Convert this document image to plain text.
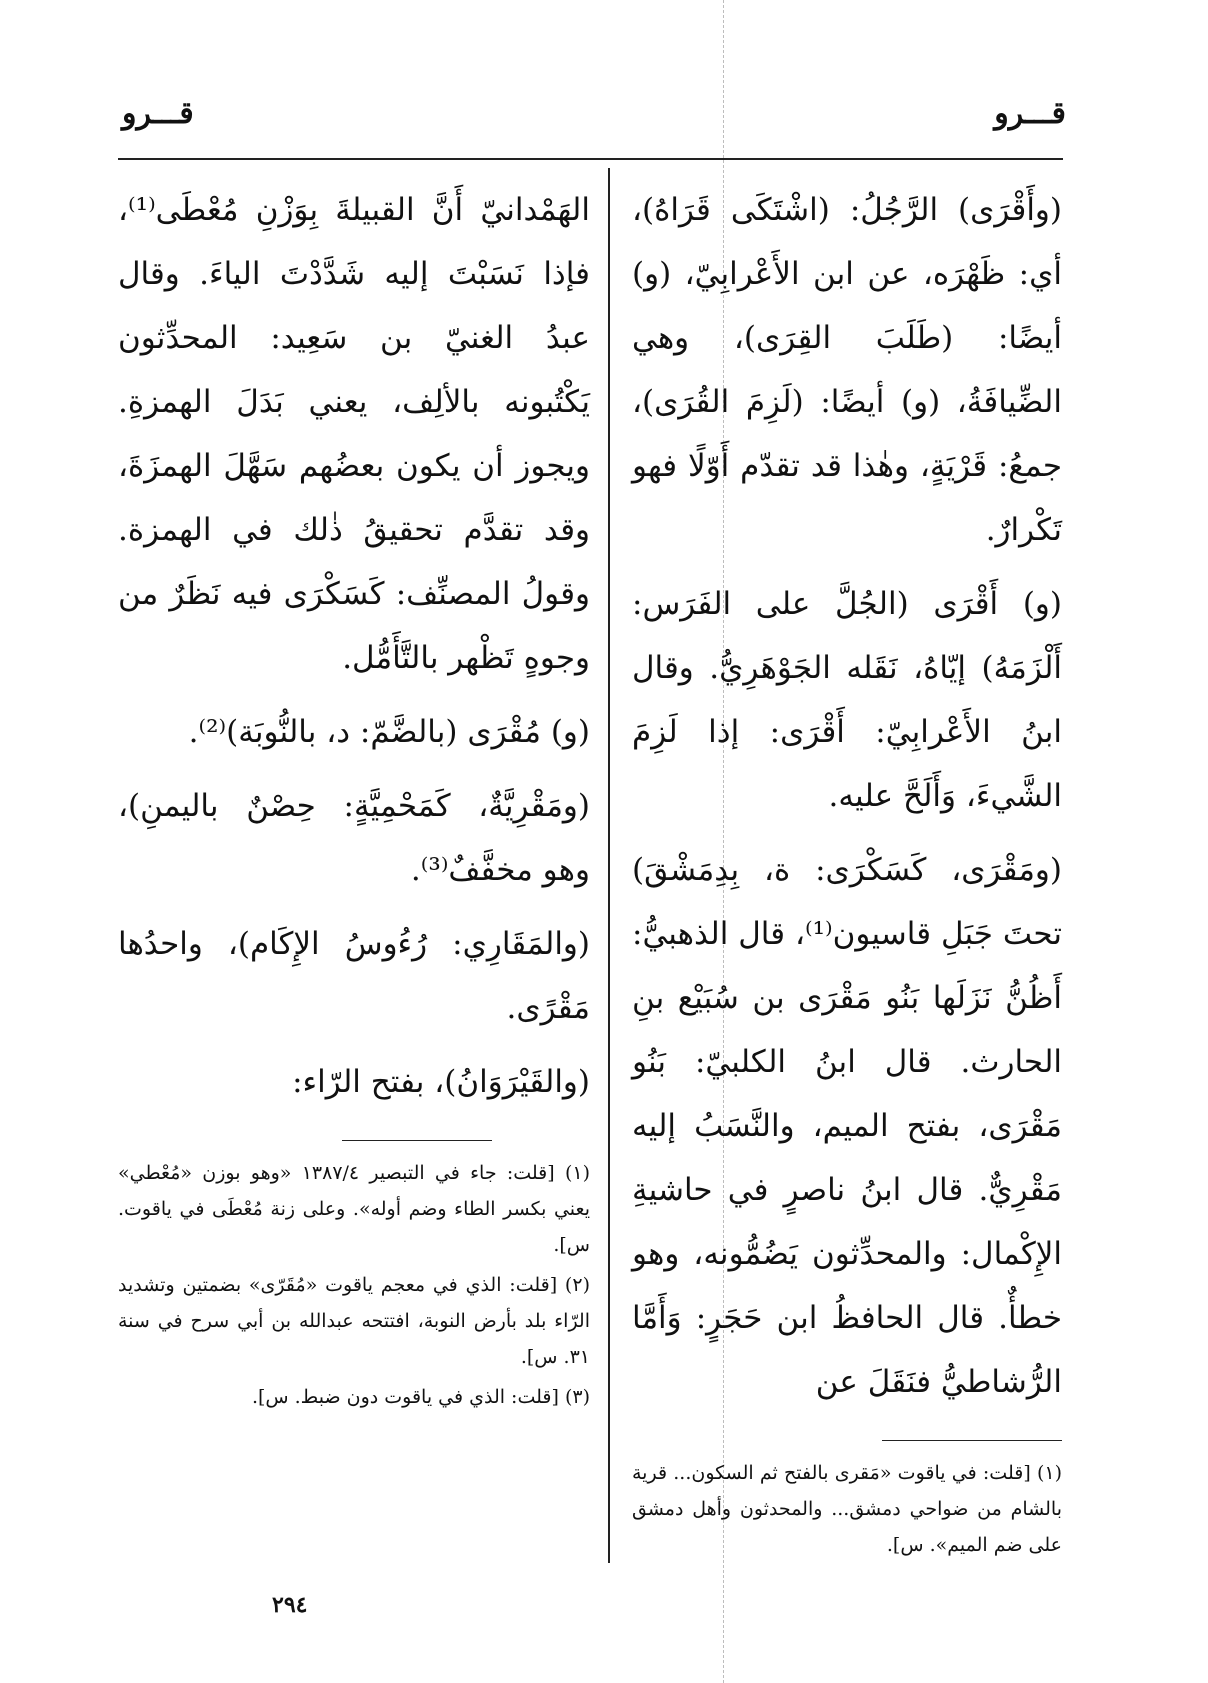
قـــرو
قـــرو

(وأَقْرَى) الرَّجُلُ: (اشْتَكَى قَرَاهُ)، أي: ظَهْرَه، عن ابن الأَعْرابِيّ، (و) أيضًا: (طَلَبَ القِرَى)، وهي الضِّيافَةُ، (و) أيضًا: (لَزِمَ القُرَى)، جمعُ: قَرْيَةٍ، وهٰذا قد تقدّم أَوّلًا فهو تَكْرارٌ.

(و) أَقْرَى (الجُلَّ على الفَرَس: أَلْزَمَهُ) إيّاهُ، نَقَله الجَوْهَرِيُّ. وقال ابنُ الأَعْرابِيّ: أَقْرَى: إذا لَزِمَ الشَّيءَ، وَأَلَحَّ عليه.

(ومَقْرَى، كَسَكْرَى: ة، بِدِمَشْقَ) تحتَ جَبَلِ قاسيون⁽¹⁾، قال الذهبيُّ: أَظُنُّ نَزَلَها بَنُو مَقْرَى بن سُبَيْع بنِ الحارث. قال ابنُ الكلبيّ: بَنُو مَقْرَى، بفتح الميم، والنَّسَبُ إليه مَقْرِيٌّ. قال ابنُ ناصرٍ في حاشيةِ الإِكْمال: والمحدِّثون يَضُمُّونه، وهو خطأٌ. قال الحافظُ ابن حَجَرٍ: وَأَمَّا الرُّشاطيُّ فنَقَلَ عن

(١) [قلت: في ياقوت «مَقرى بالفتح ثم السكون... قرية بالشام من ضواحي دمشق... والمحدثون وأهل دمشق على ضم الميم». س].

الهَمْدانيّ أَنَّ القبيلةَ بِوَزْنِ مُعْطَى⁽¹⁾، فإذا نَسَبْتَ إليه شَدَّدْتَ الياءَ. وقال عبدُ الغنيّ بن سَعِيد: المحدِّثون يَكْتُبونه بالألِف، يعني بَدَلَ الهمزةِ. ويجوز أن يكون بعضُهم سَهَّلَ الهمزَةَ، وقد تقدَّم تحقيقُ ذٰلك في الهمزة. وقولُ المصنِّف: كَسَكْرَى فيه نَظَرٌ من وجوهٍ تَظْهر بالتَّأَمُّل.

(و) مُقْرَى (بالضَّمّ: د، بالنُّوبَة)⁽²⁾.

(ومَقْرِيَّةٌ، كَمَحْمِيَّةٍ: حِصْنٌ باليمنِ)، وهو مخفَّفٌ⁽³⁾.

(والمَقَارِي: رُءُوسُ الإِكَام)، واحدُها مَقْرًى.

(والقَيْرَوَانُ)، بفتح الرّاء:

(١) [قلت: جاء في التبصير ١٣٨٧/٤ «وهو بوزن «مُعْطي» يعني بكسر الطاء وضم أوله». وعلى زنة مُعْطَى في ياقوت. س].

(٢) [قلت: الذي في معجم ياقوت «مُقَرّى» بضمتين وتشديد الرّاء بلد بأرض النوبة، افتتحه عبدالله بن أبي سرح في سنة ٣١. س].

(٣) [قلت: الذي في ياقوت دون ضبط. س].

٢٩٤
